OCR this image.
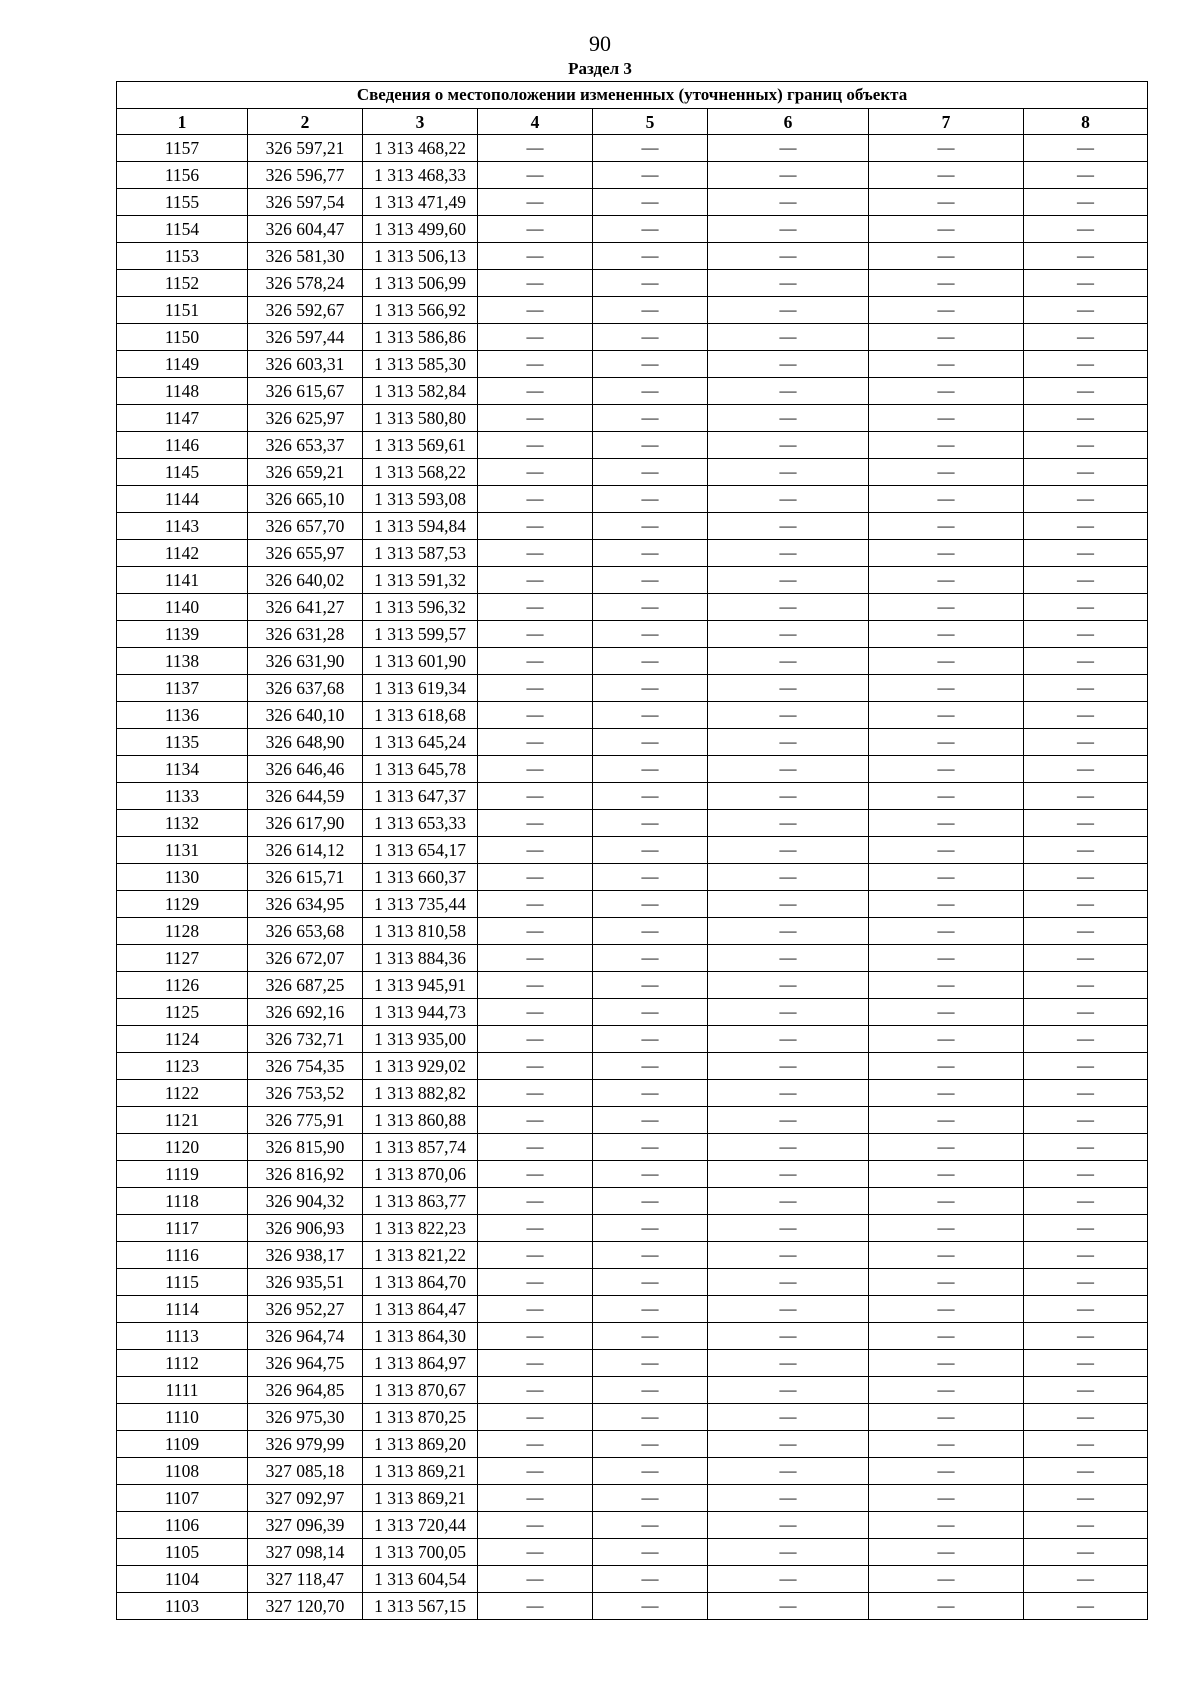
90
Раздел 3
Сведения о местоположении измененных (уточненных) границ объекта							
1	2	3	4	5	6	7	8
1157	326 597,21	1 313 468,22	—	—	—	—	—
1156	326 596,77	1 313 468,33	—	—	—	—	—
1155	326 597,54	1 313 471,49	—	—	—	—	—
1154	326 604,47	1 313 499,60	—	—	—	—	—
1153	326 581,30	1 313 506,13	—	—	—	—	—
1152	326 578,24	1 313 506,99	—	—	—	—	—
1151	326 592,67	1 313 566,92	—	—	—	—	—
1150	326 597,44	1 313 586,86	—	—	—	—	—
1149	326 603,31	1 313 585,30	—	—	—	—	—
1148	326 615,67	1 313 582,84	—	—	—	—	—
1147	326 625,97	1 313 580,80	—	—	—	—	—
1146	326 653,37	1 313 569,61	—	—	—	—	—
1145	326 659,21	1 313 568,22	—	—	—	—	—
1144	326 665,10	1 313 593,08	—	—	—	—	—
1143	326 657,70	1 313 594,84	—	—	—	—	—
1142	326 655,97	1 313 587,53	—	—	—	—	—
1141	326 640,02	1 313 591,32	—	—	—	—	—
1140	326 641,27	1 313 596,32	—	—	—	—	—
1139	326 631,28	1 313 599,57	—	—	—	—	—
1138	326 631,90	1 313 601,90	—	—	—	—	—
1137	326 637,68	1 313 619,34	—	—	—	—	—
1136	326 640,10	1 313 618,68	—	—	—	—	—
1135	326 648,90	1 313 645,24	—	—	—	—	—
1134	326 646,46	1 313 645,78	—	—	—	—	—
1133	326 644,59	1 313 647,37	—	—	—	—	—
1132	326 617,90	1 313 653,33	—	—	—	—	—
1131	326 614,12	1 313 654,17	—	—	—	—	—
1130	326 615,71	1 313 660,37	—	—	—	—	—
1129	326 634,95	1 313 735,44	—	—	—	—	—
1128	326 653,68	1 313 810,58	—	—	—	—	—
1127	326 672,07	1 313 884,36	—	—	—	—	—
1126	326 687,25	1 313 945,91	—	—	—	—	—
1125	326 692,16	1 313 944,73	—	—	—	—	—
1124	326 732,71	1 313 935,00	—	—	—	—	—
1123	326 754,35	1 313 929,02	—	—	—	—	—
1122	326 753,52	1 313 882,82	—	—	—	—	—
1121	326 775,91	1 313 860,88	—	—	—	—	—
1120	326 815,90	1 313 857,74	—	—	—	—	—
1119	326 816,92	1 313 870,06	—	—	—	—	—
1118	326 904,32	1 313 863,77	—	—	—	—	—
1117	326 906,93	1 313 822,23	—	—	—	—	—
1116	326 938,17	1 313 821,22	—	—	—	—	—
1115	326 935,51	1 313 864,70	—	—	—	—	—
1114	326 952,27	1 313 864,47	—	—	—	—	—
1113	326 964,74	1 313 864,30	—	—	—	—	—
1112	326 964,75	1 313 864,97	—	—	—	—	—
1111	326 964,85	1 313 870,67	—	—	—	—	—
1110	326 975,30	1 313 870,25	—	—	—	—	—
1109	326 979,99	1 313 869,20	—	—	—	—	—
1108	327 085,18	1 313 869,21	—	—	—	—	—
1107	327 092,97	1 313 869,21	—	—	—	—	—
1106	327 096,39	1 313 720,44	—	—	—	—	—
1105	327 098,14	1 313 700,05	—	—	—	—	—
1104	327 118,47	1 313 604,54	—	—	—	—	—
1103	327 120,70	1 313 567,15	—	—	—	—	—
